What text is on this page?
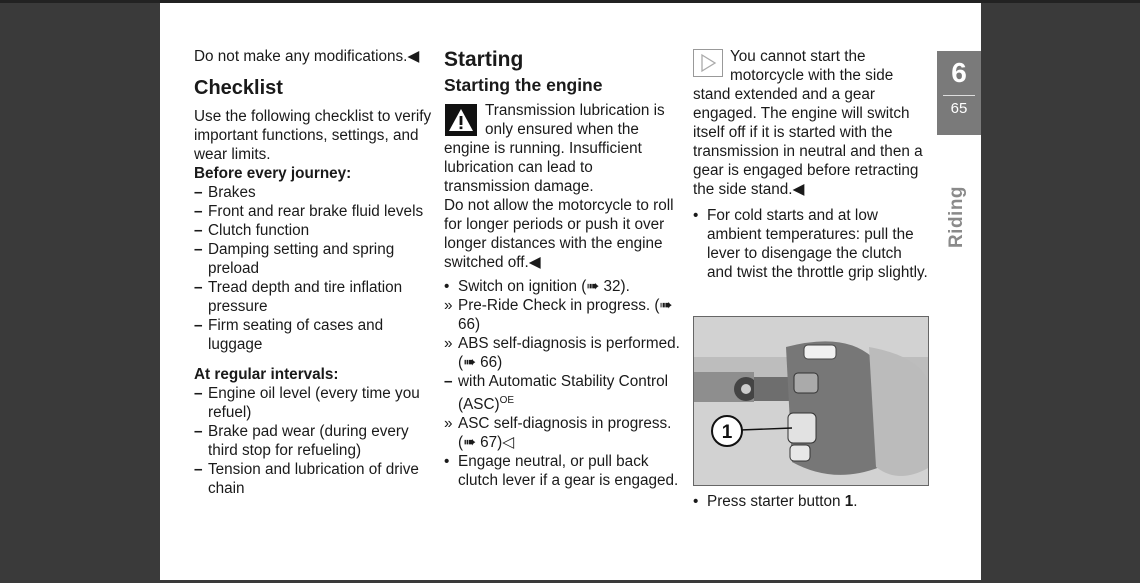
Do not make any modifications.◀

Checklist

Use the following checklist to verify important functions, settings, and wear limits.

Before every journey:

– Brakes

– Front and rear brake fluid levels

– Clutch function

– Damping setting and spring preload

– Tread depth and tire inflation pressure

– Firm seating of cases and luggage

At regular intervals:

– Engine oil level (every time you refuel)

– Brake pad wear (during every third stop for refueling)

– Tension and lubrication of drive chain

Starting
Starting the engine

Transmission lubrication is only ensured when the engine is running. Insufficient lubrication can lead to transmission damage.

Do not allow the motorcycle to roll for longer periods or push it over longer distances with the engine switched off.◀

• Switch on ignition (➠ 32).

» Pre-Ride Check in progress. (➠ 66)

» ABS self-diagnosis is performed. (➠ 66)

– with Automatic Stability Control (ASC)$^{OE}$

» ASC self-diagnosis in progress. (➠ 67)◁

• Engage neutral, or pull back clutch lever if a gear is engaged.

You cannot start the motorcycle with the side stand extended and a gear engaged. The engine will switch itself off if it is started with the transmission in neutral and then a gear is engaged before retracting the side stand.◀

• For cold starts and at low ambient temperatures: pull the lever to disengage the clutch and twist the throttle grip slightly.

1

• Press starter button 1.

6
65
Riding
